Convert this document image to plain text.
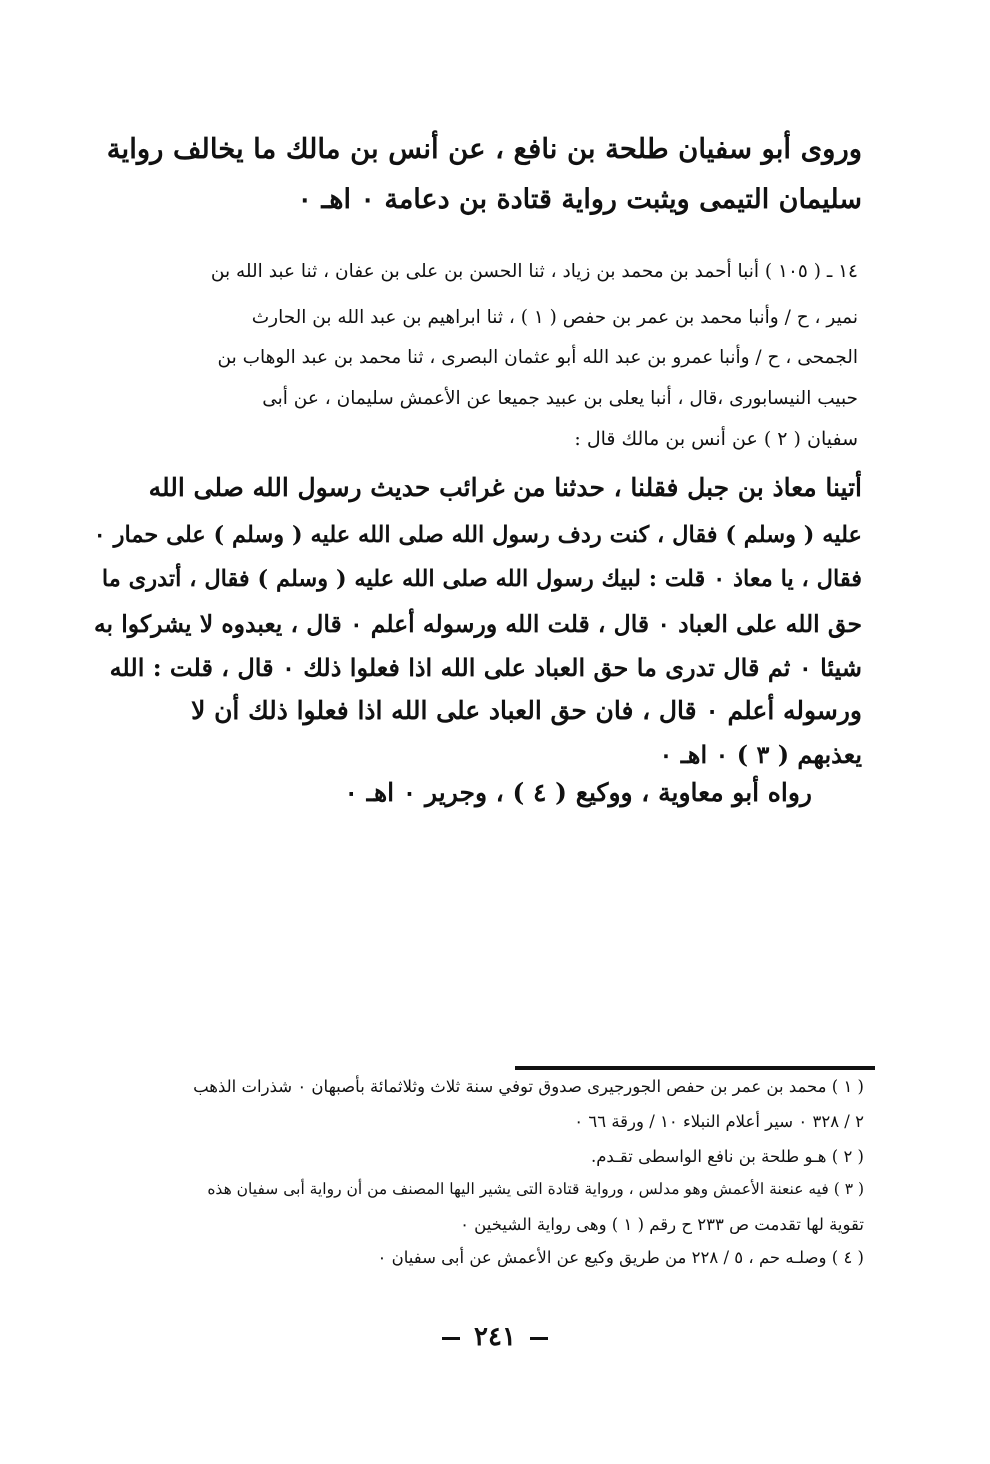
وروى أبو سفيان طلحة بن نافع ، عن أنس بن مالك ما يخالف رواية
سليمان التيمى ويثبت رواية قتادة بن دعامة ٠ اهـ ٠
١٤ ـ ( ١٠٥ ) أنبا أحمد بن محمد بن زياد ، ثنا الحسن بن على بن عفان ، ثنا عبد الله بن
نمير ، ح / وأنبا محمد بن عمر بن حفص ( ١ ) ، ثنا ابراهيم بن عبد الله بن الحارث
الجمحى ، ح / وأنبا عمرو بن عبد الله أبو عثمان البصرى ، ثنا محمد بن عبد الوهاب بن
حبيب النيسابورى ،قال ، أنبا يعلى بن عبيد جميعا عن الأعمش سليمان ، عن أبى
سفيان ( ٢ ) عن أنس بن مالك قال :
أتينا معاذ بن جبل فقلنا ، حدثنا من غرائب حديث رسول الله صلى الله
عليه ( وسلم ) فقال ، كنت ردف رسول الله صلى الله عليه ( وسلم ) على حمار ٠
فقال ، يا معاذ ٠ قلت : لبيك رسول الله صلى الله عليه ( وسلم ) فقال ، أتدرى ما
حق الله على العباد ٠ قال ، قلت الله ورسوله أعلم ٠ قال ، يعبدوه لا يشركوا به
شيئا ٠ ثم قال تدرى ما حق العباد على الله اذا فعلوا ذلك ٠ قال ، قلت : الله
ورسوله أعلم ٠ قال ، فان حق العباد على الله اذا فعلوا ذلك أن لا
يعذبهم ( ٣ ) ٠ اهـ ٠
رواه أبو معاوية ، ووكيع ( ٤ ) ، وجرير ٠ اهـ ٠
( ١ ) محمد بن عمر بن حفص الجورجيرى صدوق توفي سنة ثلاث وثلاثمائة بأصبهان ٠ شذرات الذهب
٢ / ٣٢٨ ٠ سير أعلام النبلاء ١٠ / ورقة ٦٦ ٠
( ٢ ) هـو طلحة بن نافع الواسطى تقـدم.
( ٣ ) فيه عنعنة الأعمش وهو مدلس ، ورواية قتادة التى يشير اليها المصنف من أن رواية أبى سفيان هذه
تقوية لها تقدمت ص ٢٣٣ ح رقم ( ١ ) وهى رواية الشيخين ٠
( ٤ ) وصلـه حم ، ٥ / ٢٢٨ من طريق وكيع عن الأعمش عن أبى سفيان ٠
٢٤١
